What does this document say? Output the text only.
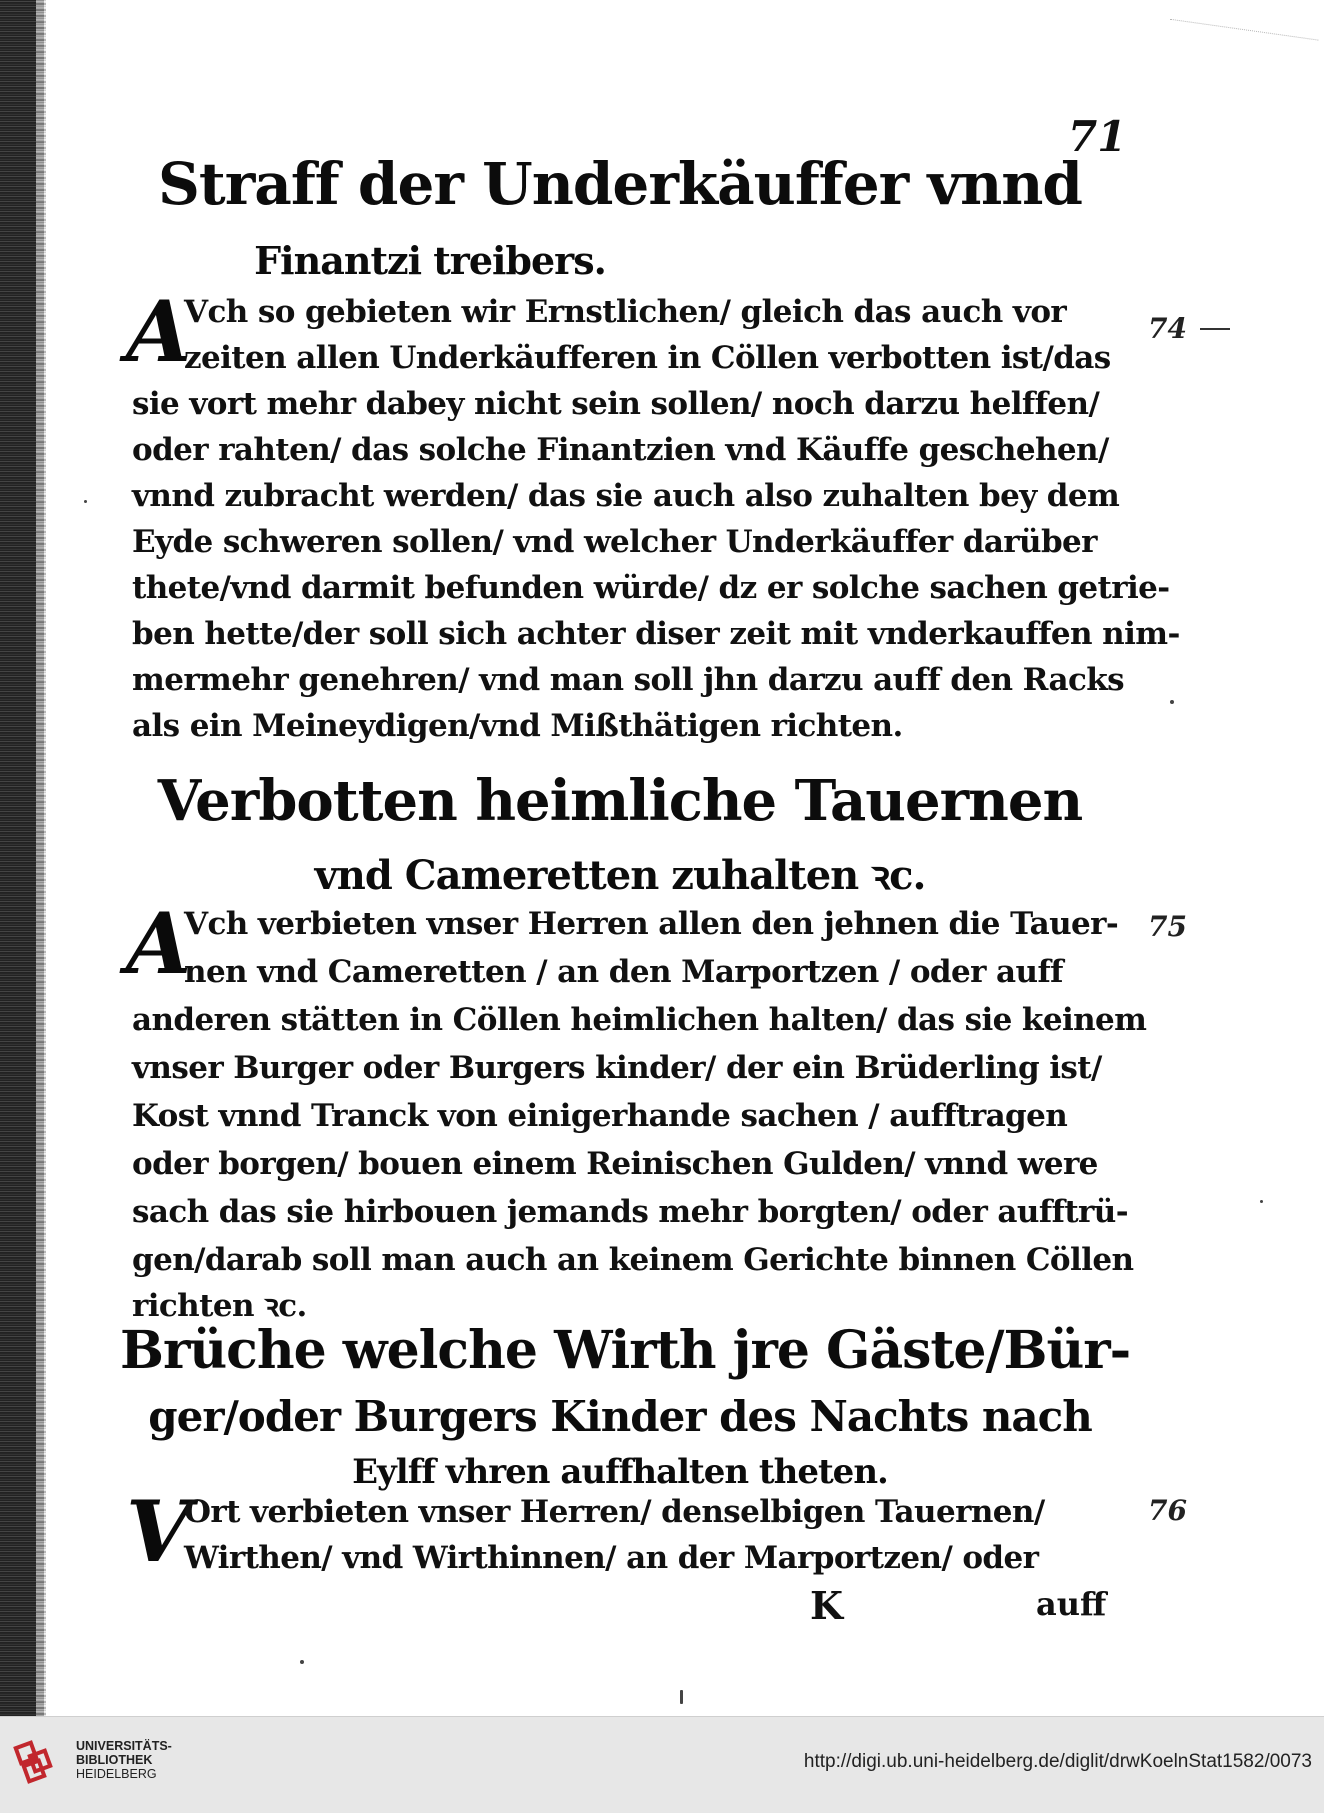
71
Straff der Underkäuffer vnnd
Finantzi treibers.
74
A
Vch so gebieten wir Ernstlichen/ gleich das auch vor
zeiten allen Underkäufferen in Cöllen verbotten ist/das
sie vort mehr dabey nicht sein sollen/ noch darzu helffen/
oder rahten/ das solche Finantzien vnd Käuffe geschehen/
vnnd zubracht werden/ das sie auch also zuhalten bey dem
Eyde schweren sollen/ vnd welcher Underkäuffer darüber
thete/vnd darmit befunden würde/ dz er solche sachen getrie-
ben hette/der soll sich achter diser zeit mit vnderkauffen nim-
mermehr genehren/ vnd man soll jhn darzu auff den Racks
als ein Meineydigen/vnd Mißthätigen richten.
Verbotten heimliche Tauernen
vnd Cameretten zuhalten ꝛc.
75
A
Vch verbieten vnser Herren allen den jehnen die Tauer-
nen vnd Cameretten / an den Marportzen / oder auff
anderen stätten in Cöllen heimlichen halten/ das sie keinem
vnser Burger oder Burgers kinder/ der ein Brüderling ist/
Kost vnnd Tranck von einigerhande sachen / aufftragen
oder borgen/ bouen einem Reinischen Gulden/ vnnd were
sach das sie hirbouen jemands mehr borgten/ oder aufftrü-
gen/darab soll man auch an keinem Gerichte binnen Cöllen
richten ꝛc.
Brüche welche Wirth jre Gäste/Bür-
ger/oder Burgers Kinder des Nachts nach
Eylff vhren auffhalten theten.
76
V
Ort verbieten vnser Herren/ denselbigen Tauernen/
Wirthen/ vnd Wirthinnen/ an der Marportzen/ oder
K	auff
UNIVERSITÄTS-
BIBLIOTHEK
HEIDELBERG
http://digi.ub.uni-heidelberg.de/diglit/drwKoelnStat1582/0073
